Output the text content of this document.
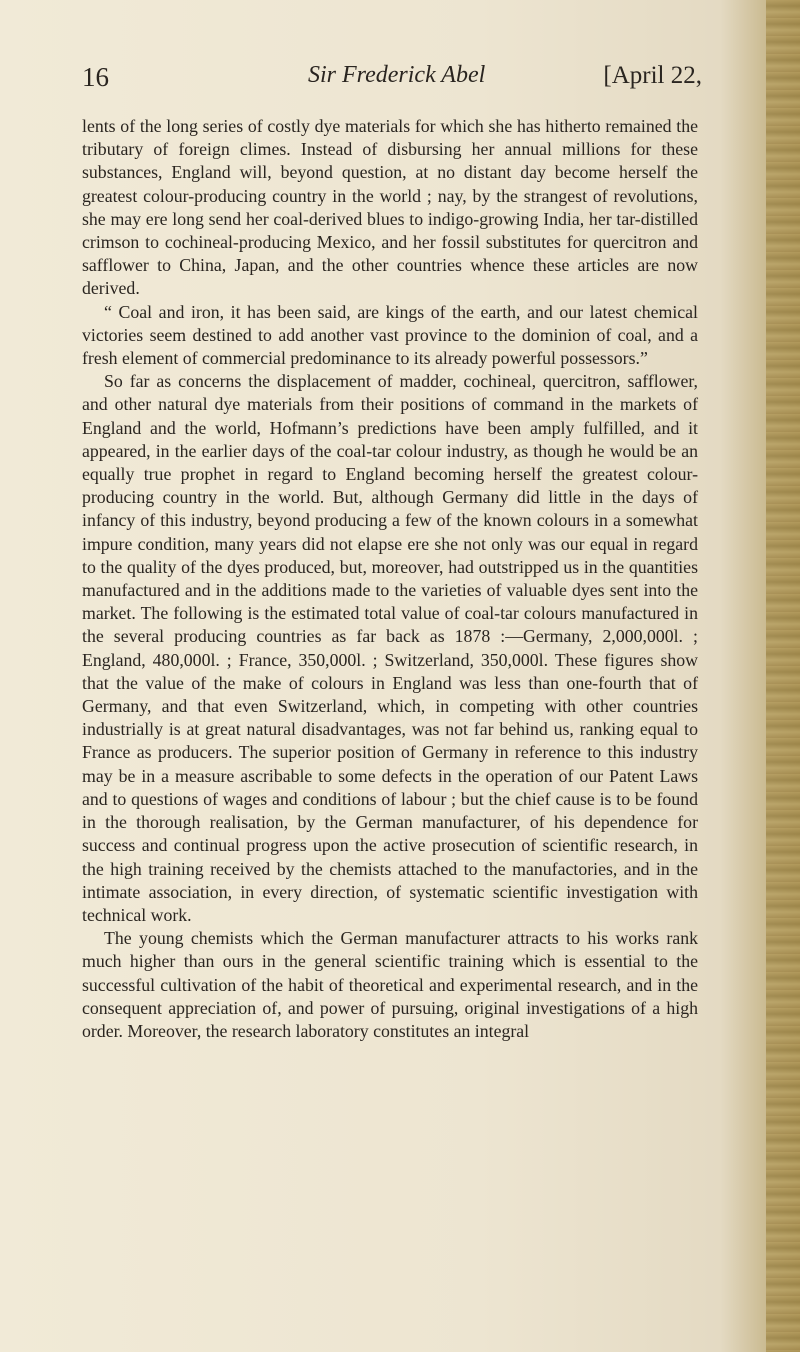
16	Sir Frederick Abel	[April 22,

lents of the long series of costly dye materials for which she has hitherto remained the tributary of foreign climes. Instead of disbursing her annual millions for these substances, England will, beyond question, at no distant day become herself the greatest colour-producing country in the world ; nay, by the strangest of revolutions, she may ere long send her coal-derived blues to indigo-growing India, her tar-distilled crimson to cochineal-producing Mexico, and her fossil substitutes for quercitron and safflower to China, Japan, and the other countries whence these articles are now derived.

“ Coal and iron, it has been said, are kings of the earth, and our latest chemical victories seem destined to add another vast province to the dominion of coal, and a fresh element of commercial predominance to its already powerful possessors.”

So far as concerns the displacement of madder, cochineal, quercitron, safflower, and other natural dye materials from their positions of command in the markets of England and the world, Hofmann’s predictions have been amply fulfilled, and it appeared, in the earlier days of the coal-tar colour industry, as though he would be an equally true prophet in regard to England becoming herself the greatest colour-producing country in the world. But, although Germany did little in the days of infancy of this industry, beyond producing a few of the known colours in a somewhat impure condition, many years did not elapse ere she not only was our equal in regard to the quality of the dyes produced, but, moreover, had outstripped us in the quantities manufactured and in the additions made to the varieties of valuable dyes sent into the market. The following is the estimated total value of coal-tar colours manufactured in the several producing countries as far back as 1878 :—Germany, 2,000,000l. ; England, 480,000l. ; France, 350,000l. ; Switzerland, 350,000l. These figures show that the value of the make of colours in England was less than one-fourth that of Germany, and that even Switzerland, which, in competing with other countries industrially is at great natural disadvantages, was not far behind us, ranking equal to France as producers. The superior position of Germany in reference to this industry may be in a measure ascribable to some defects in the operation of our Patent Laws and to questions of wages and conditions of labour ; but the chief cause is to be found in the thorough realisation, by the German manufacturer, of his dependence for success and continual progress upon the active prosecution of scientific research, in the high training received by the chemists attached to the manufactories, and in the intimate association, in every direction, of systematic scientific investigation with technical work.

The young chemists which the German manufacturer attracts to his works rank much higher than ours in the general scientific training which is essential to the successful cultivation of the habit of theoretical and experimental research, and in the consequent appreciation of, and power of pursuing, original investigations of a high order. Moreover, the research laboratory constitutes an integral
